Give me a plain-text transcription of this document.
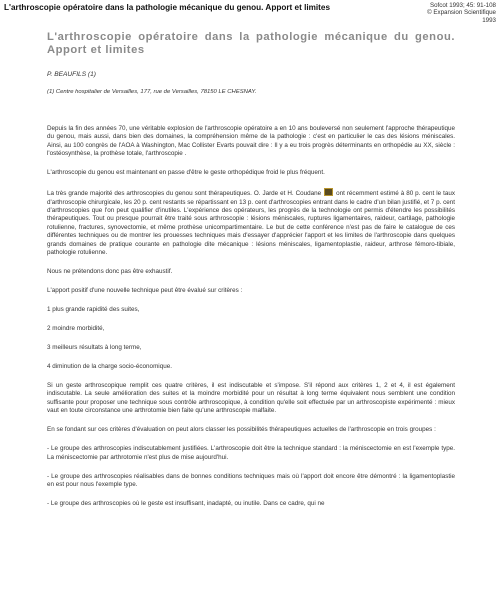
L'arthroscopie opératoire dans la pathologie mécanique du genou. Apport et limites	Sofcot 1993; 45: 91-108
© Expansion Scientifique
1993
L'arthroscopie opératoire dans la pathologie mécanique du genou. Apport et limites

P. BEAUFILS (1)

(1) Centre hospitalier de Versailles, 177, rue de Versailles, 78150 LE CHESNAY.

Depuis la fin des années 70, une véritable explosion de l'arthroscopie opératoire a en 10 ans bouleversé non seulement l'approche thérapeutique du genou, mais aussi, dans bien des domaines, la compréhension même de la pathologie : c'est en particulier le cas des lésions méniscales. Ainsi, au 100 congrès de l'AOA à Washington, Mac Collister Evarts pouvait dire : Il y a eu trois progrès déterminants en orthopédie au XX, siècle : l'ostéosynthèse, la prothèse totale, l'arthroscopie .

L'arthroscopie du genou est maintenant en passe d'être le geste orthopédique froid le plus fréquent.

La très grande majorité des arthroscopies du genou sont thérapeutiques. O. Jarde et H. Coudane ont récemment estimé à 80 p. cent le taux d'arthroscopie chirurgicale, les 20 p. cent restants se répartissant en 13 p. cent d'arthroscopies entrant dans le cadre d'un bilan justifié, et 7 p. cent d'arthroscopies que l'on peut qualifier d'inutiles. L'expérience des opérateurs, les progrès de la technologie ont permis d'étendre les possibilités thérapeutiques. Tout ou presque pourrait être traité sous arthroscopie : lésions méniscales, ruptures ligamentaires, raideur, cartilage, pathologie rotulienne, fractures, synovectomie, et même prothèse unicompartimentaire. Le but de cette conférence n'est pas de faire le catalogue de ces différentes techniques ou de montrer les prouesses techniques mais d'essayer d'apprécier l'apport et les limites de l'arthroscopie dans quelques grands domaines de pratique courante en pathologie dite mécanique : lésions méniscales, ligamentoplastie, raideur, arthrose fémoro-tibiale, pathologie rotulienne.

Nous ne prétendons donc pas être exhaustif.

L'apport positif d'une nouvelle technique peut être évalué sur critères :

1 plus grande rapidité des suites,

2 moindre morbidité,

3 meilleurs résultats à long terme,

4 diminution de la charge socio-économique.

Si un geste arthroscopique remplit ces quatre critères, il est indiscutable et s'impose. S'il répond aux critères 1, 2 et 4, il est également indiscutable. La seule amélioration des suites et la moindre morbidité pour un résultat à long terme équivalent nous semblent une condition suffisante pour proposer une technique sous contrôle arthroscopique, à condition qu'elle soit effectuée par un arthroscopiste expérimenté : mieux vaut en toute circonstance une arthrotomie bien faite qu'une arthroscopie malfaite.

En se fondant sur ces critères d'évaluation on peut alors classer les possibilités thérapeutiques actuelles de l'arthroscopie en trois groupes :

- Le groupe des arthroscopies indiscutablement justifiées. L'arthroscopie doit être la technique standard : la méniscectomie en est l'exemple type. La méniscectomie par arthrotomie n'est plus de mise aujourd'hui.

- Le groupe des arthroscopies réalisables dans de bonnes conditions techniques mais où l'apport doit encore être démontré : la ligamentoplastie en est pour nous l'exemple type.

- Le groupe des arthroscopies où le geste est insuffisant, inadapté, ou inutile. Dans ce cadre, qui ne
